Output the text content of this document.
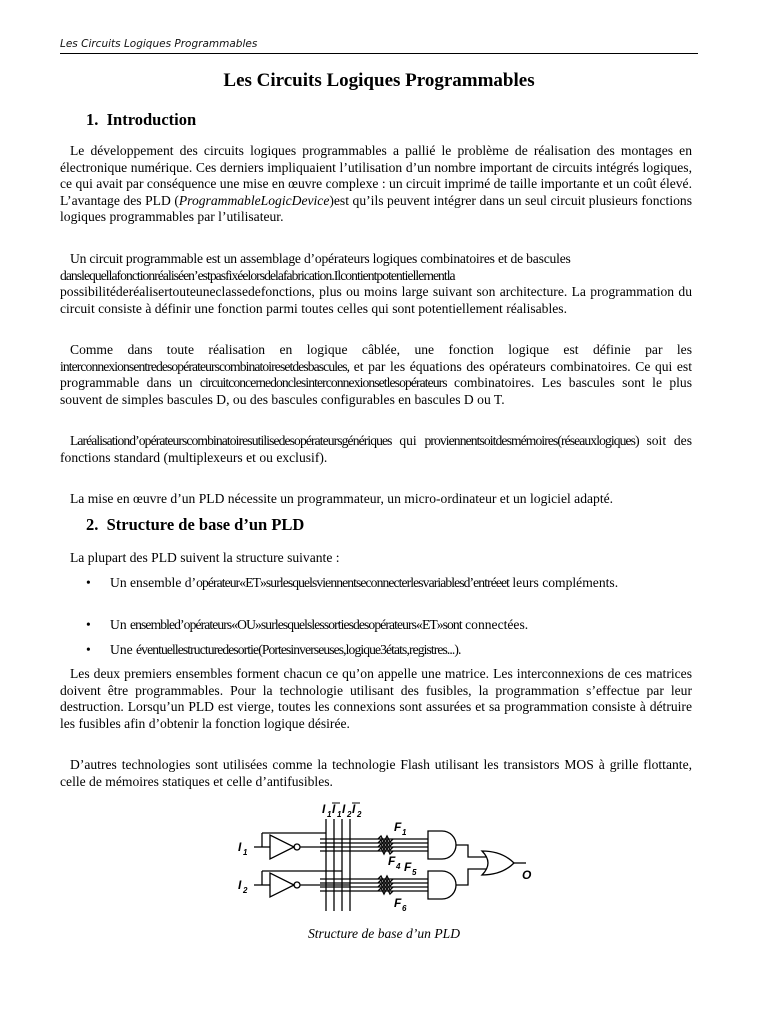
Les Circuits Logiques Programmables
Les Circuits Logiques Programmables
1. Introduction

Le développement des circuits logiques programmables a pallié le problème de réalisation des montages en électronique numérique. Ces derniers impliquaient l’utilisation d’un nombre important de circuits intégrés logiques, ce qui avait par conséquence une mise en œuvre complexe : un circuit imprimé de taille importante et un coût élevé. L’avantage des PLD (ProgrammableLogicDevice)est qu’ils peuvent intégrer dans un seul circuit plusieurs fonctions logiques programmables par l’utilisateur.

Un circuit programmable est un assemblage d’opérateurs logiques combinatoires et de bascules
danslequellafonctionréaliséen’estpasfixéelorsdelafabrication.Ilcontientpotentiellementla
possibilitéderéalisertouteuneclassedefonctions, plus ou moins large suivant son architecture. La programmation du circuit consiste à définir une fonction parmi toutes celles qui sont potentiellement réalisables.

Comme dans toute réalisation en logique câblée, une fonction logique est définie par les interconnexionsentredesopérateurscombinatoiresetdesbascules, et par les équations des opérateurs combinatoires. Ce qui est programmable dans un circuitconcernedonclesinterconnexionsetlesopérateurs combinatoires. Les bascules sont le plus souvent de simples bascules D, ou des bascules configurables en bascules D ou T.

Laréalisationd’opérateurscombinatoiresutilisedesopérateursgénériques qui proviennentsoitdesmémoires(réseauxlogiques) soit des fonctions standard (multiplexeurs et ou exclusif).

La mise en œuvre d’un PLD nécessite un programmateur, un micro-ordinateur et un logiciel adapté.

2. Structure de base d’un PLD

La plupart des PLD suivent la structure suivante :

• Un ensemble d’opérateur«ET»surlesquelsviennentseconnecterlesvariablesd’entréeet leurs compléments.
• Un ensembled’opérateurs«OU»surlesquelslessortiesdesopérateurs«ET»sont connectées.
• Une éventuellestructuredesortie(Portesinverseuses,logique3états,registres...).

Les deux premiers ensembles forment chacun ce qu’on appelle une matrice. Les interconnexions de ces matrices doivent être programmables. Pour la technologie utilisant des fusibles, la programmation s’effectue par leur destruction. Lorsqu’un PLD est vierge, toutes les connexions sont assurées et sa programmation consiste à détruire les fusibles afin d’obtenir la fonction logique désirée.

D’autres technologies sont utilisées comme la technologie Flash utilisant les transistors MOS à grille flottante, celle de mémoires statiques et celle d’antifusibles.

I 1 I 1 I 2 I 2
I 1
I 2
F 1
F 4 F 5
F 6
O
Structure de base d’un PLD
